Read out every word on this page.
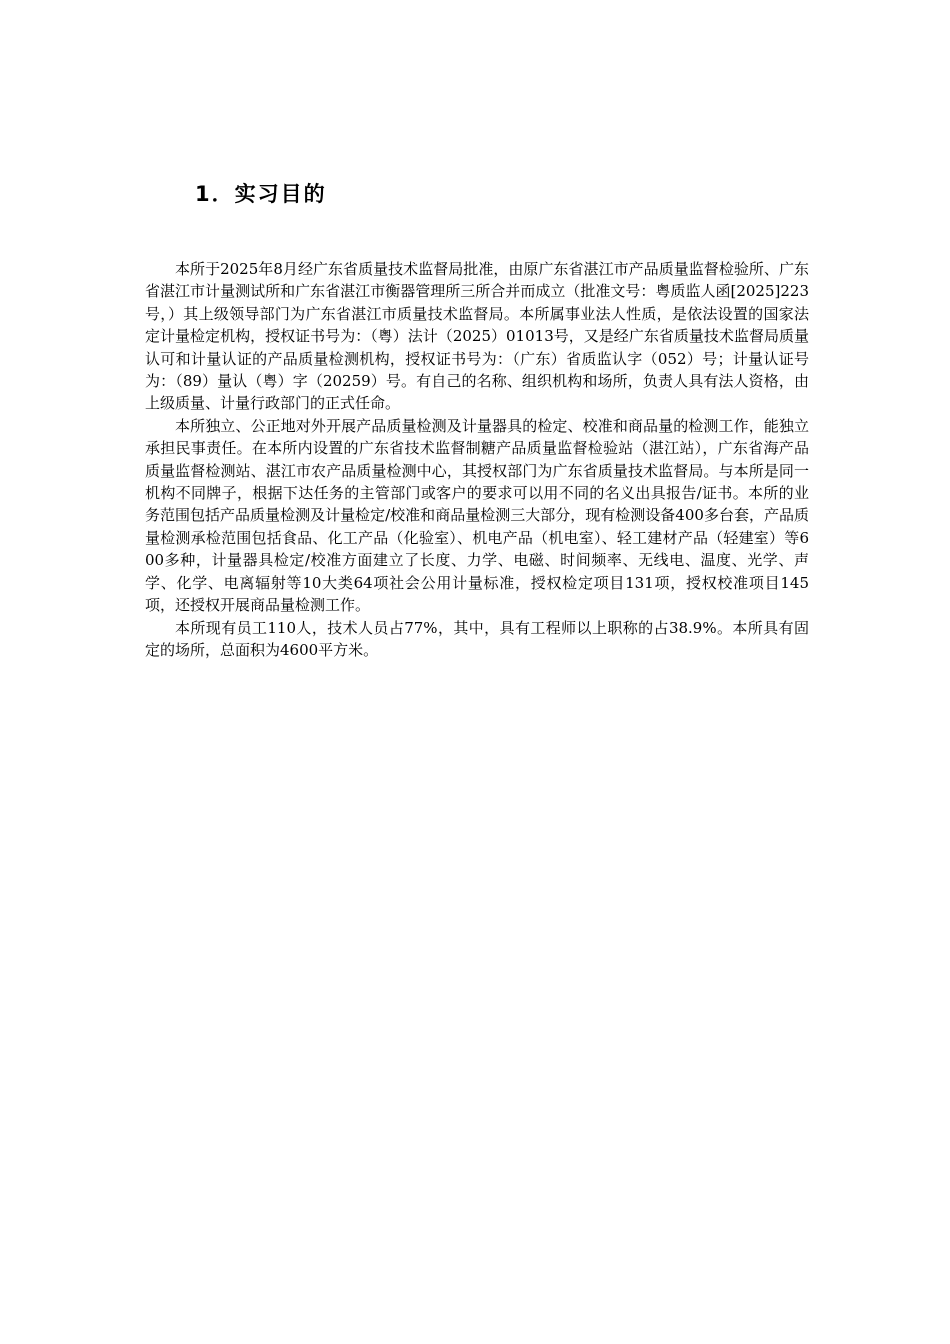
1．实习目的

本所于2025年8月经广东省质量技术监督局批准，由原广东省湛江市产品质量监督检验所、广东省湛江市计量测试所和广东省湛江市衡器管理所三所合并而成立（批准文号：粤质监人函[2025]223号，）其上级领导部门为广东省湛江市质量技术监督局。本所属事业法人性质，是依法设置的国家法定计量检定机构，授权证书号为：（粤）法计（2025）01013号，又是经广东省质量技术监督局质量认可和计量认证的产品质量检测机构，授权证书号为：（广东）省质监认字（052）号；计量认证号为：（89）量认（粤）字（20259）号。有自己的名称、组织机构和场所，负责人具有法人资格，由上级质量、计量行政部门的正式任命。

本所独立、公正地对外开展产品质量检测及计量器具的检定、校准和商品量的检测工作，能独立承担民事责任。在本所内设置的广东省技术监督制糖产品质量监督检验站（湛江站），广东省海产品质量监督检测站、湛江市农产品质量检测中心，其授权部门为广东省质量技术监督局。与本所是同一机构不同牌子，根据下达任务的主管部门或客户的要求可以用不同的名义出具报告/证书。本所的业务范围包括产品质量检测及计量检定/校准和商品量检测三大部分，现有检测设备400多台套，产品质量检测承检范围包括食品、化工产品（化验室）、机电产品（机电室）、轻工建材产品（轻建室）等600多种，计量器具检定/校准方面建立了长度、力学、电磁、时间频率、无线电、温度、光学、声学、化学、电离辐射等10大类64项社会公用计量标准，授权检定项目131项，授权校准项目145项，还授权开展商品量检测工作。

本所现有员工110人，技术人员占77%，其中，具有工程师以上职称的占38.9%。本所具有固定的场所，总面积为4600平方米。
